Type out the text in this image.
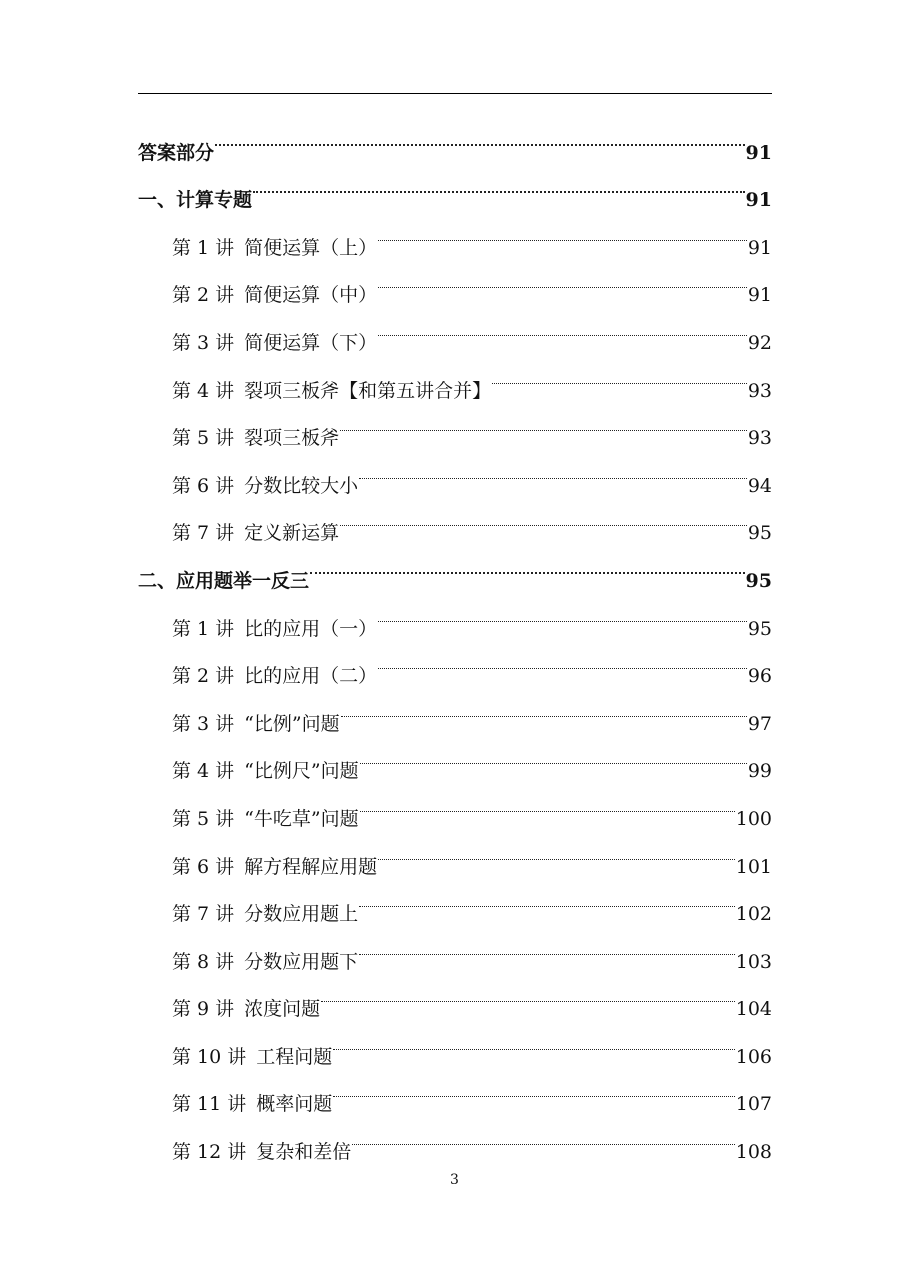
答案部分	91
一、计算专题	91
第 1 讲 简便运算（上）	91
第 2 讲 简便运算（中）	91
第 3 讲 简便运算（下）	92
第 4 讲 裂项三板斧【和第五讲合并】	93
第 5 讲 裂项三板斧	93
第 6 讲 分数比较大小	94
第 7 讲 定义新运算	95
二、应用题举一反三	95
第 1 讲 比的应用（一）	95
第 2 讲 比的应用（二）	96
第 3 讲 “比例”问题	97
第 4 讲 “比例尺”问题	99
第 5 讲 “牛吃草”问题	100
第 6 讲 解方程解应用题	101
第 7 讲 分数应用题上	102
第 8 讲 分数应用题下	103
第 9 讲 浓度问题	104
第 10 讲 工程问题	106
第 11 讲 概率问题	107
第 12 讲 复杂和差倍	108
3
